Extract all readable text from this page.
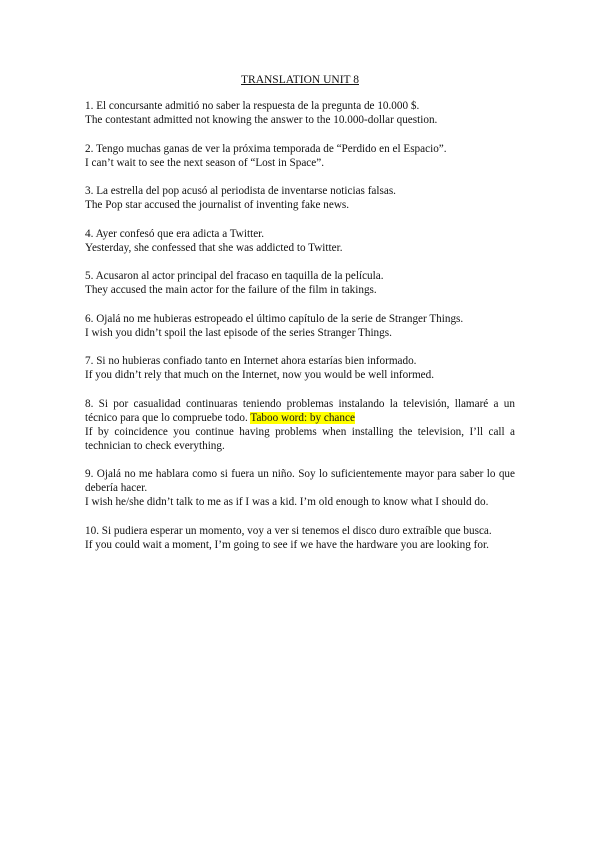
TRANSLATION UNIT 8

1. El concursante admitió no saber la respuesta de la pregunta de 10.000 $.

The contestant admitted not knowing the answer to the 10.000-dollar question.

2. Tengo muchas ganas de ver la próxima temporada de “Perdido en el Espacio”.

I can’t wait to see the next season of “Lost in Space”.

3. La estrella del pop acusó al periodista de inventarse noticias falsas.

The Pop star accused the journalist of inventing fake news.

4. Ayer confesó que era adicta a Twitter.

Yesterday, she confessed that she was addicted to Twitter.

5. Acusaron al actor principal del fracaso en taquilla de la película.

They accused the main actor for the failure of the film in takings.

6. Ojalá no me hubieras estropeado el último capítulo de la serie de Stranger Things.

I wish you didn’t spoil the last episode of the series Stranger Things.

7. Si no hubieras confiado tanto en Internet ahora estarías bien informado.

If you didn’t rely that much on the Internet, now you would be well informed.

8. Si por casualidad continuaras teniendo problemas instalando la televisión, llamaré a un técnico para que lo compruebe todo. Taboo word: by chance

If by coincidence you continue having problems when installing the television, I’ll call a technician to check everything.

9. Ojalá no me hablara como si fuera un niño. Soy lo suficientemente mayor para saber lo que debería hacer.

I wish he/she didn’t talk to me as if I was a kid. I’m old enough to know what I should do.

10. Si pudiera esperar un momento, voy a ver si tenemos el disco duro extraíble que busca.

If you could wait a moment, I’m going to see if we have the hardware you are looking for.
